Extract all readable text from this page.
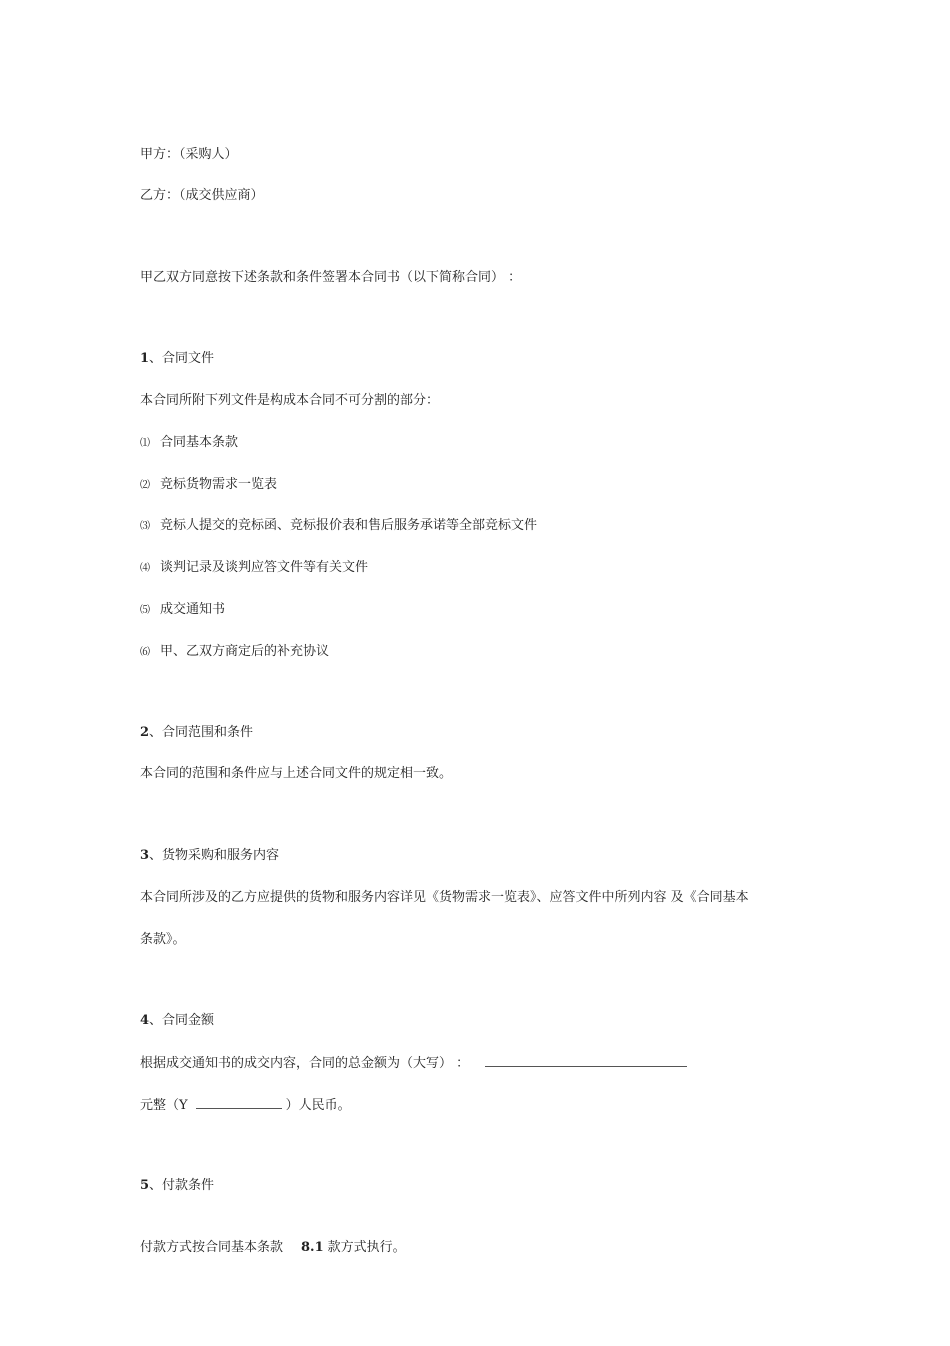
甲方：（采购人）
乙方：（成交供应商）
甲乙双方同意按下述条款和条件签署本合同书（以下简称合同） ：
1、合同文件
本合同所附下列文件是构成本合同不可分割的部分：
⑴ 合同基本条款
⑵ 竞标货物需求一览表
⑶ 竞标人提交的竞标函、竞标报价表和售后服务承诺等全部竞标文件
⑷ 谈判记录及谈判应答文件等有关文件
⑸ 成交通知书
⑹ 甲、乙双方商定后的补充协议
2、合同范围和条件
本合同的范围和条件应与上述合同文件的规定相一致。
3、货物采购和服务内容
本合同所涉及的乙方应提供的货物和服务内容详见《货物需求一览表》、应答文件中所列内容 及《合同基本
条款》。
4、合同金额
根据成交通知书的成交内容，合同的总金额为（大写） ：
元整（Y	）人民币。
5、付款条件
付款方式按合同基本条款 8.1 款方式执行。
